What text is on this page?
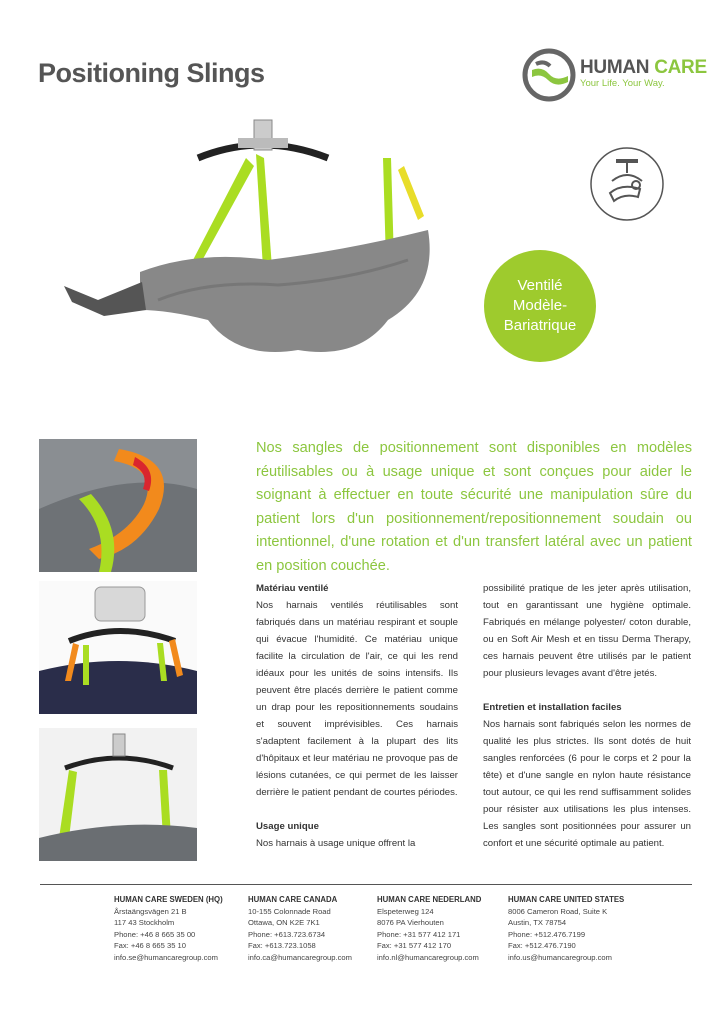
Positioning Slings	HUMAN CARE
Your Life. Your Way.
Ventilé
Modèle-
Bariatrique
Nos sangles de positionnement sont disponibles en modèles réutilisables ou à usage unique et sont conçues pour aider le soignant à effectuer en toute sécurité une manipulation sûre du patient lors d'un positionnement/repositionnement soudain ou intentionnel, d'une rotation et d'un transfert latéral avec un patient en position couchée.
Matériau ventilé

Nos harnais ventilés réutilisables sont fabriqués dans un matériau respirant et souple qui évacue l'humidité. Ce matériau unique facilite la circulation de l'air, ce qui les rend idéaux pour les unités de soins intensifs. Ils peuvent être placés derrière le patient comme un drap pour les repositionnements soudains et souvent imprévisibles. Ces harnais s'adaptent facilement à la plupart des lits d'hôpitaux et leur matériau ne provoque pas de lésions cutanées, ce qui permet de les laisser derrière le patient pendant de courtes périodes.

Usage unique

Nos harnais à usage unique offrent la

possibilité pratique de les jeter après utilisation, tout en garantissant une hygiène optimale. Fabriqués en mélange polyester/ coton durable, ou en Soft Air Mesh et en tissu Derma Therapy, ces harnais peuvent être utilisés par le patient pour plusieurs levages avant d'être jetés.

Entretien et installation faciles

Nos harnais sont fabriqués selon les normes de qualité les plus strictes. Ils sont dotés de huit sangles renforcées (6 pour le corps et 2 pour la tête) et d'une sangle en nylon haute résistance tout autour, ce qui les rend suffisamment solides pour résister aux utilisations les plus intenses. Les sangles sont positionnées pour assurer un confort et une sécurité optimale au patient.

HUMAN CARE SWEDEN (HQ)
Årstaängsvägen 21 B
117 43 Stockholm
Phone: +46 8 665 35 00
Fax: +46 8 665 35 10
info.se@humancaregroup.com
HUMAN CARE CANADA
10-155 Colonnade Road
Ottawa, ON K2E 7K1
Phone: +613.723.6734
Fax: +613.723.1058
info.ca@humancaregroup.com
HUMAN CARE NEDERLAND
Elspeterweg 124
8076 PA Vierhouten
Phone: +31 577 412 171
Fax: +31 577 412 170
info.nl@humancaregroup.com
HUMAN CARE UNITED STATES
8006 Cameron Road, Suite K
Austin, TX 78754
Phone: +512.476.7199
Fax: +512.476.7190
info.us@humancaregroup.com
